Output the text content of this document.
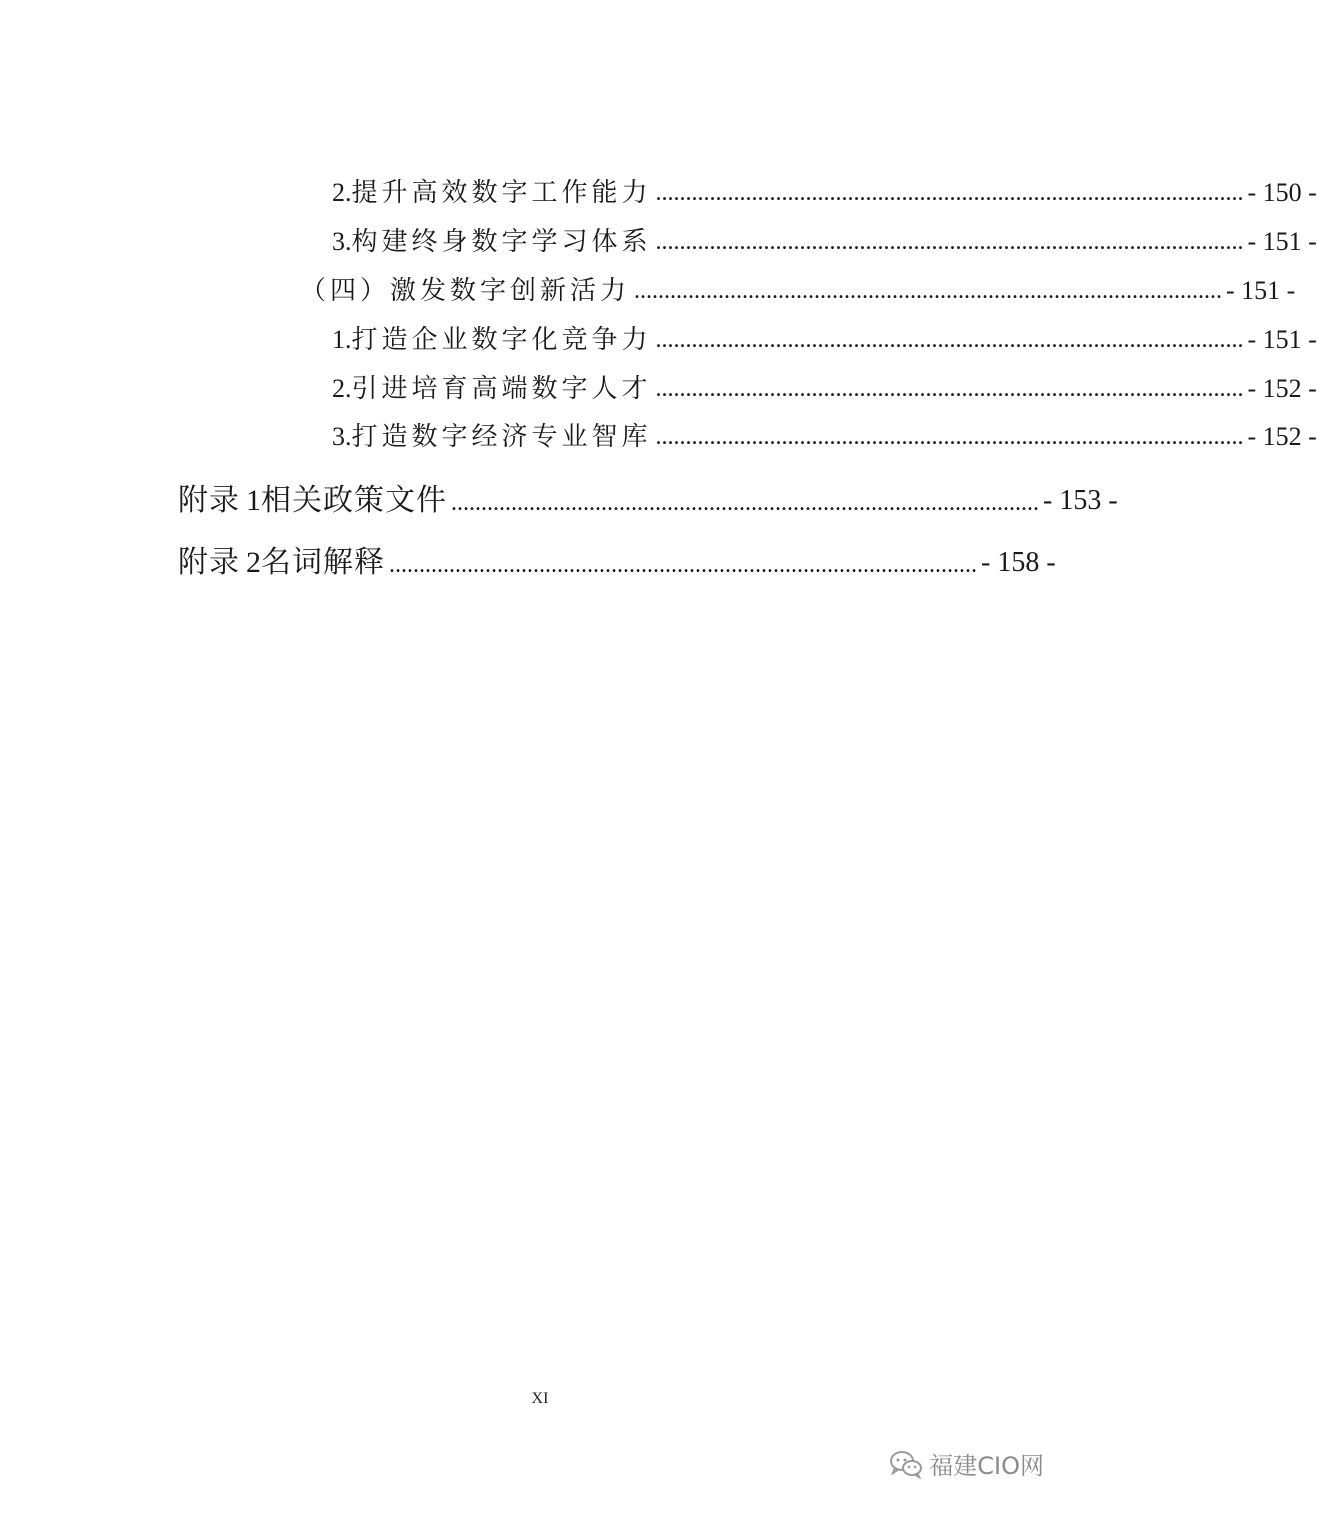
2. 提升高效数字工作能力 .................................................................................................. - 150 -
3. 构建终身数字学习体系 .................................................................................................. - 151 -
（四）激发数字创新活力 .................................................................................................. - 151 -
1. 打造企业数字化竞争力 .................................................................................................. - 151 -
2. 引进培育高端数字人才 .................................................................................................. - 152 -
3. 打造数字经济专业智库 .................................................................................................. - 152 -
附录 1 相关政策文件 .................................................................................................. - 153 -
附录 2 名词解释 .................................................................................................. - 158 -
XI
福建CIO网
